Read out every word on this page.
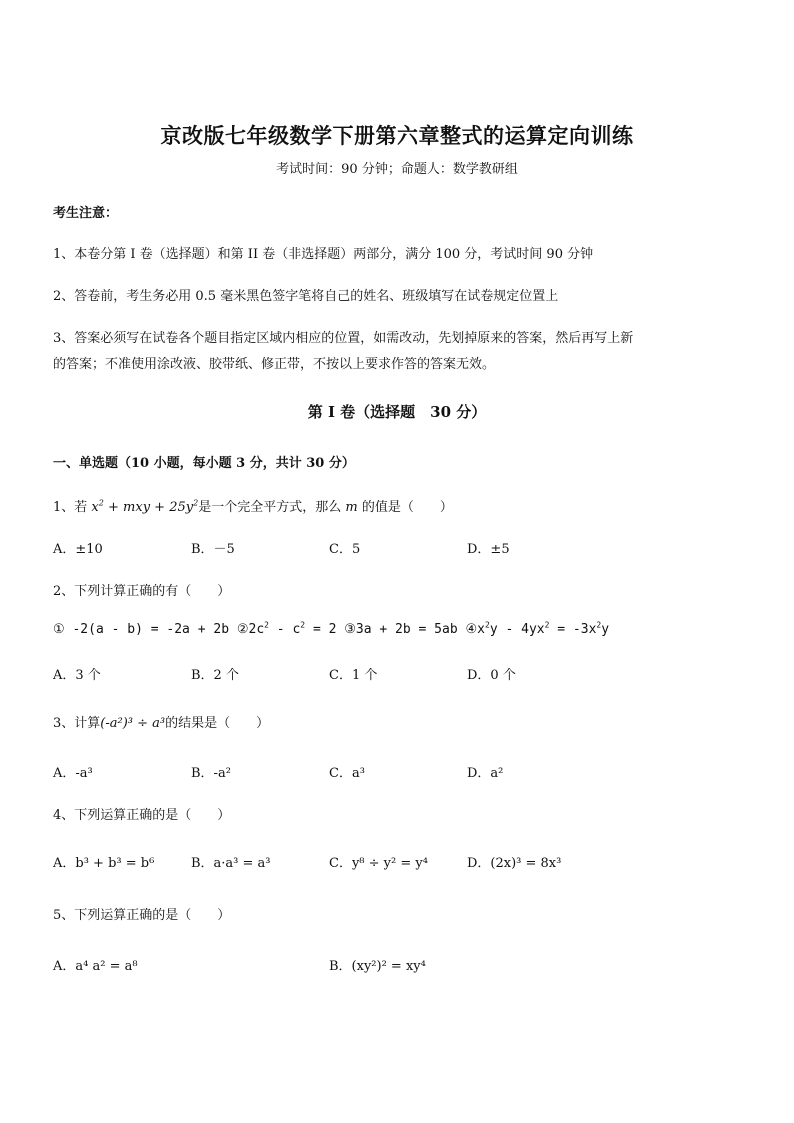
京改版七年级数学下册第六章整式的运算定向训练
考试时间：90 分钟；命题人：数学教研组
考生注意：
1、本卷分第 I 卷（选择题）和第 II 卷（非选择题）两部分，满分 100 分，考试时间 90 分钟
2、答卷前，考生务必用 0.5 毫米黑色签字笔将自己的姓名、班级填写在试卷规定位置上
3、答案必须写在试卷各个题目指定区域内相应的位置，如需改动，先划掉原来的答案，然后再写上新
的答案；不准使用涂改液、胶带纸、修正带，不按以上要求作答的答案无效。
第 I 卷（选择题　30 分）
一、单选题（10 小题，每小题 3 分，共计 30 分）
1、若 $x^2$ + mxy + $25y^2$是一个完全平方式，那么 m 的值是（　　）
A．±10	B．－5	C．5	D．±5
2、下列计算正确的有（　　）
① -2(a - b) = -2a + 2b $②2c^2 - c^2 = 2$ ③3a + 2b = 5ab $④x^2y - 4yx^2 = -3x^2y$
A．3 个	B．2 个	C．1 个	D．0 个
3、计算(-a²)³ ÷ a³的结果是（　　）
A．-a³	B．-a²	C．a³	D．a²
4、下列运算正确的是（　　）
A．b³ + b³ = b⁶	B．a·a³ = a³	C．y⁸ ÷ y² = y⁴	D．(2x)³ = 8x³
5、下列运算正确的是（　　）
A．a⁴ a² = a⁸	B．(xy²)² = xy⁴
